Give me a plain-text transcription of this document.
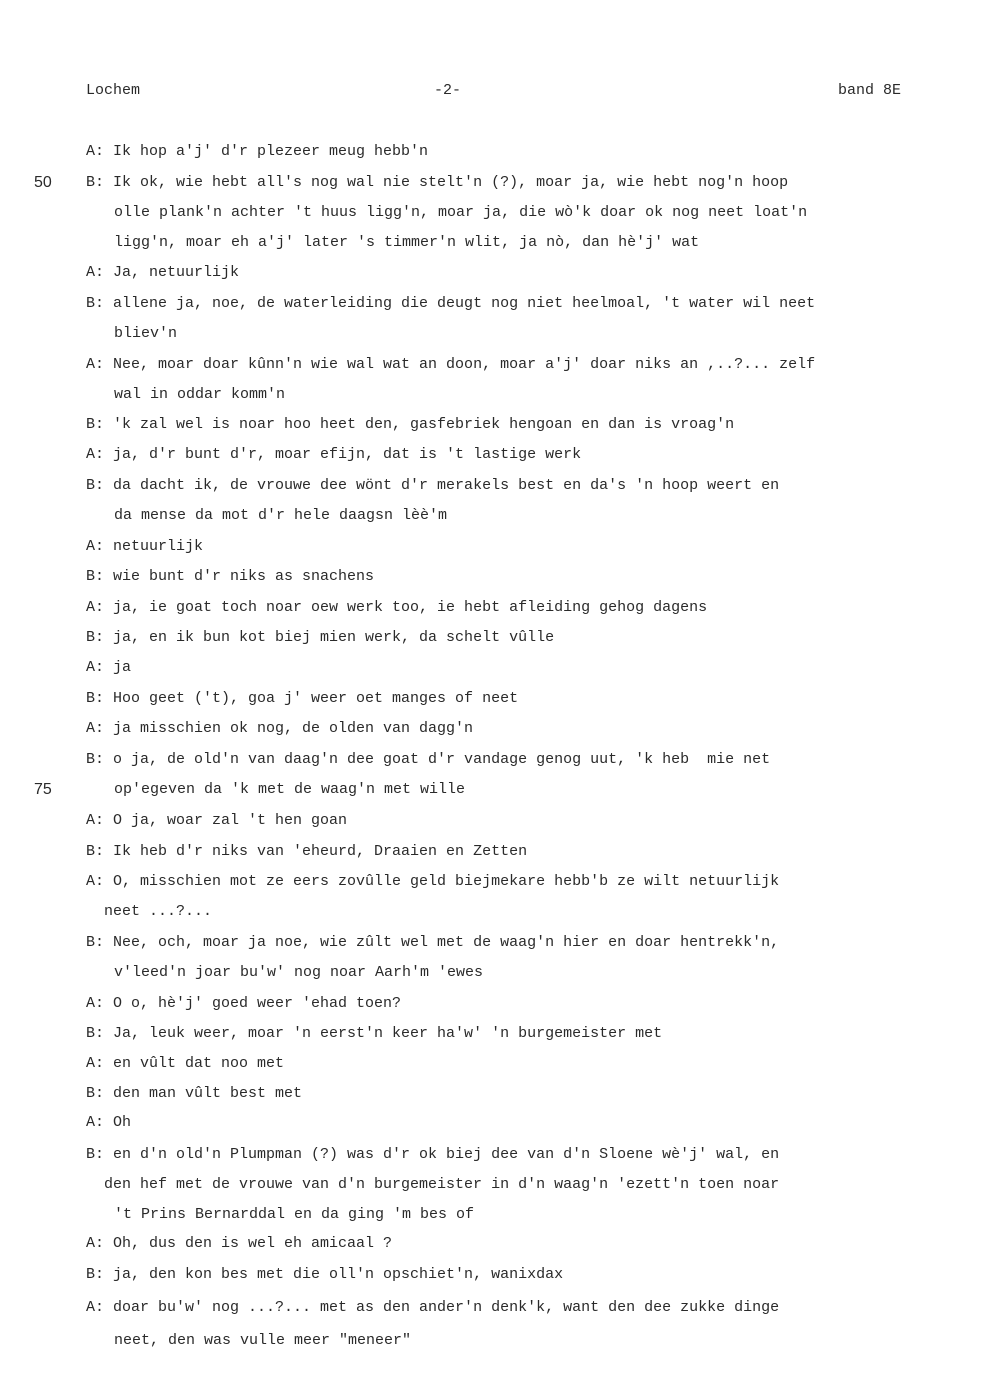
Lochem	-2-	band 8E
50
75
A: Ik hop a'j' d'r plezeer meug hebb'n
B: Ik ok, wie hebt all's nog wal nie stelt'n (?), moar ja, wie hebt nog'n hoop
olle plank'n achter 't huus ligg'n, moar ja, die wò'k doar ok nog neet loat'n
ligg'n, moar eh a'j' later 's timmer'n wlit, ja nò, dan hè'j' wat
A: Ja, netuurlijk
B: allene ja, noe, de waterleiding die deugt nog niet heelmoal, 't water wil neet
bliev'n
A: Nee, moar doar kûnn'n wie wal wat an doon, moar a'j' doar niks an ,..?... zelf
wal in oddar komm'n
B: 'k zal wel is noar hoo heet den, gasfebriek hengoan en dan is vroag'n
A: ja, d'r bunt d'r, moar efijn, dat is 't lastige werk
B: da dacht ik, de vrouwe dee wönt d'r merakels best en da's 'n hoop weert en
da mense da mot d'r hele daagsn lèè'm
A: netuurlijk
B: wie bunt d'r niks as snachens
A: ja, ie goat toch noar oew werk too, ie hebt afleiding gehog dagens
B: ja, en ik bun kot biej mien werk, da schelt vûlle
A: ja
B: Hoo geet ('t), goa j' weer oet manges of neet
A: ja misschien ok nog, de olden van dagg'n
B: o ja, de old'n van daag'n dee goat d'r vandage genog uut, 'k heb  mie net
op'egeven da 'k met de waag'n met wille
A: O ja, woar zal 't hen goan
B: Ik heb d'r niks van 'eheurd, Draaien en Zetten
A: O, misschien mot ze eers zovûlle geld biejmekare hebb'b ze wilt netuurlijk
neet ...?...
B: Nee, och, moar ja noe, wie zûlt wel met de waag'n hier en doar hentrekk'n,
v'leed'n joar bu'w' nog noar Aarh'm 'ewes
A: O o, hè'j' goed weer 'ehad toen?
B: Ja, leuk weer, moar 'n eerst'n keer ha'w' 'n burgemeister met
A: en vûlt dat noo met
B: den man vûlt best met
A: Oh
B: en d'n old'n Plumpman (?) was d'r ok biej dee van d'n Sloene wè'j' wal, en
den hef met de vrouwe van d'n burgemeister in d'n waag'n 'ezett'n toen noar
't Prins Bernarddal en da ging 'm bes of
A: Oh, dus den is wel eh amicaal ?
B: ja, den kon bes met die oll'n opschiet'n, wanixdax
A: doar bu'w' nog ...?... met as den ander'n denk'k, want den dee zukke dinge
neet, den was vulle meer "meneer"
